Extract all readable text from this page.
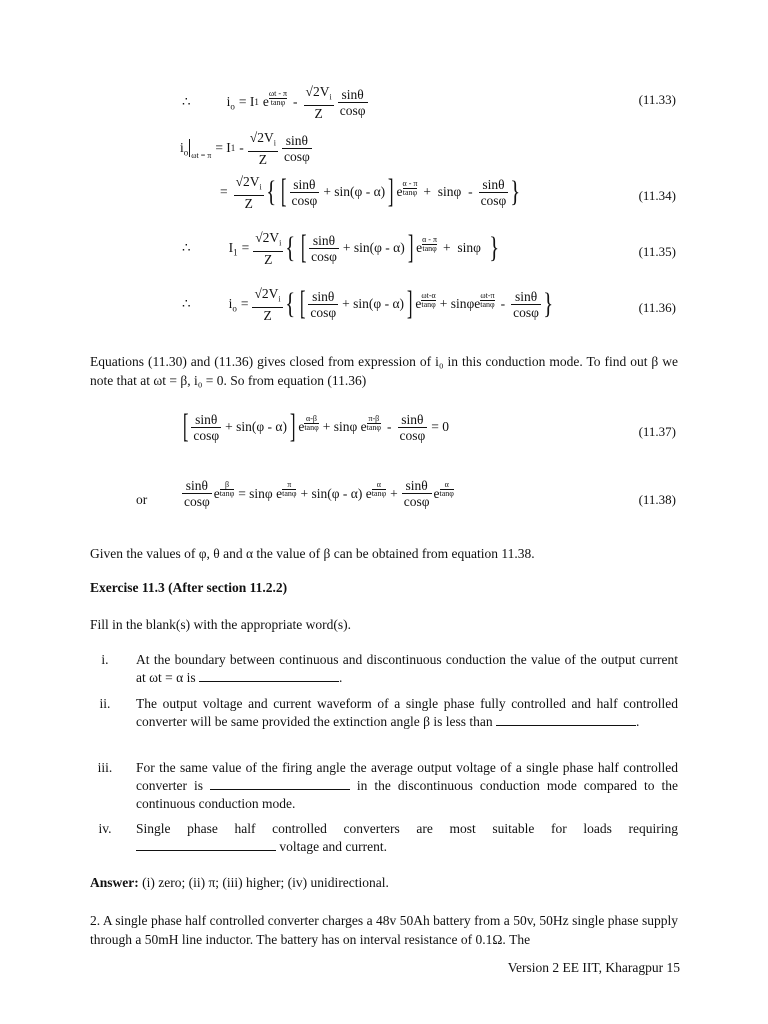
∴	$i_o = I$ 1 e
ωt - π
tanφ - $\frac{√2V_i}{Z} \frac{\sin\theta}{\cos\varphi}$	(11.33)
$i_o$ $_{\omega t = \pi}$ = I $1 - \frac{√2V_i}{Z} \frac{\sin\theta}{\cos\varphi}$
= $\frac{√2V_i}{Z}$ { [ $\frac{\sin\theta}{\cos\varphi} + \sin(\varphi - \alpha)$ ] e
α - π
$\tan\varphi + \sin\varphi - \frac{\sin\theta}{\cos\varphi}$ }	(11.34)
∴	$I_1 = \frac{√2V_i}{Z}$ { [ $\frac{\sin\theta}{\cos\varphi} + \sin(\varphi - \alpha)$ ] e
α - π
tanφ +  sinφ }	(11.35)
∴	$i_o = \frac{√2V_i}{Z}$ { [ $\frac{\sin\theta}{\cos\varphi} + \sin(\varphi - \alpha)$ ] e
ωt-α
tanφ + sinφe
ωt-π
tanφ - $\frac{\sin\theta}{\cos\varphi}$ }	(11.36)
Equations (11.30) and (11.36) gives closed from expression of i₀ in this conduction mode. To find out β we note that at ωt = β, i₀ = 0. So from equation (11.36)
[ $\frac{\sin\theta}{\cos\varphi} + \sin(\varphi - \alpha)$ ] e
α-β
tanφ + sinφ e
π-β
$\tan\varphi - \frac{\sin\theta}{\cos\varphi} = 0$	(11.37)
or	$\frac{\sin\theta}{\cos\varphi}$ e $\frac{\beta}{\tan\varphi} = \sin\varphi$ e
π
tanφ + sin(φ - α) e
α
$\tan\varphi + \frac{\sin\theta}{\cos\varphi}$ e
α
tanφ	(11.38)
Given the values of φ, θ and α the value of β can be obtained from equation 11.38.
Exercise 11.3 (After section 11.2.2)
Fill in the blank(s) with the appropriate word(s).
i.	At the boundary between continuous and discontinuous conduction the value of the output current at ωt = α is	.
ii.	The output voltage and current waveform of a single phase fully controlled and half controlled converter will be same provided the extinction angle β is less than	.
iii.	For the same value of the firing angle the average output voltage of a single phase half controlled converter is	in the discontinuous conduction mode compared to the continuous conduction mode.
iv.	Single phase half controlled converters are most suitable for loads requiring  voltage and current.
Answer: (i) zero; (ii) π; (iii) higher; (iv) unidirectional.
2. A single phase half controlled converter charges a 48v 50Ah battery from a 50v, 50Hz single phase supply through a 50mH line inductor. The battery has on interval resistance of 0.1Ω. The
Version 2 EE IIT, Kharagpur 15
